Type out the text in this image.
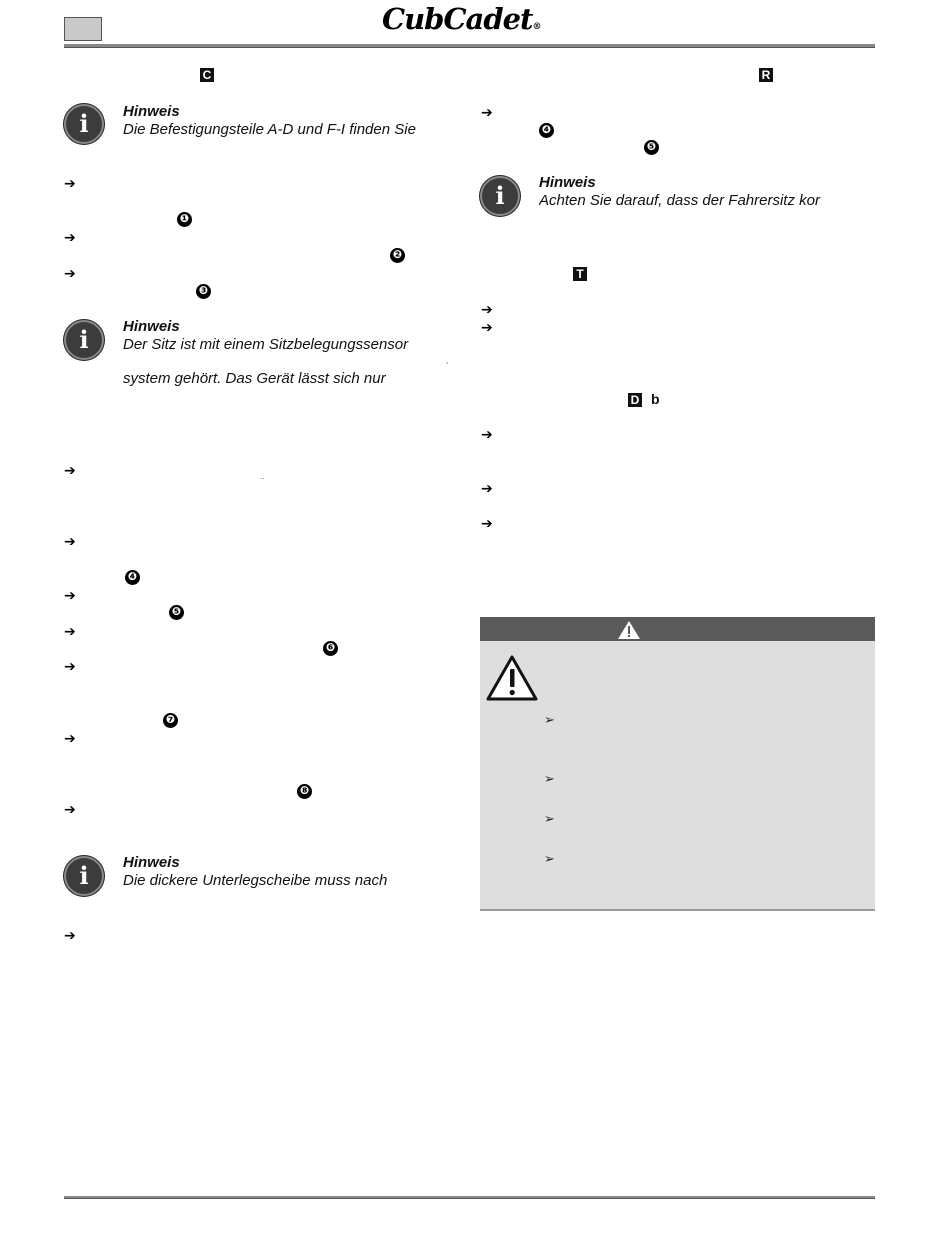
CubCadet®
C
i	Hinweis
Die Befestigungsteile A-D und F-I finden Sie
➔
❶
➔
❷
➔
❸
i	Hinweis
Der Sitz ist mit einem Sitzbelegungssensor
system gehört. Das Gerät lässt sich nur
,
➔	..
➔
❹
➔
❺
➔
❻
➔
❼
➔
❽
➔
i	Hinweis
Die dickere Unterlegscheibe muss nach
➔
R
➔
❹
❺
i	Hinweis
Achten Sie darauf, dass der Fahrersitz kor
T
➔
➔
D b
➔
➔
➔
➢
➢
➢
➢
